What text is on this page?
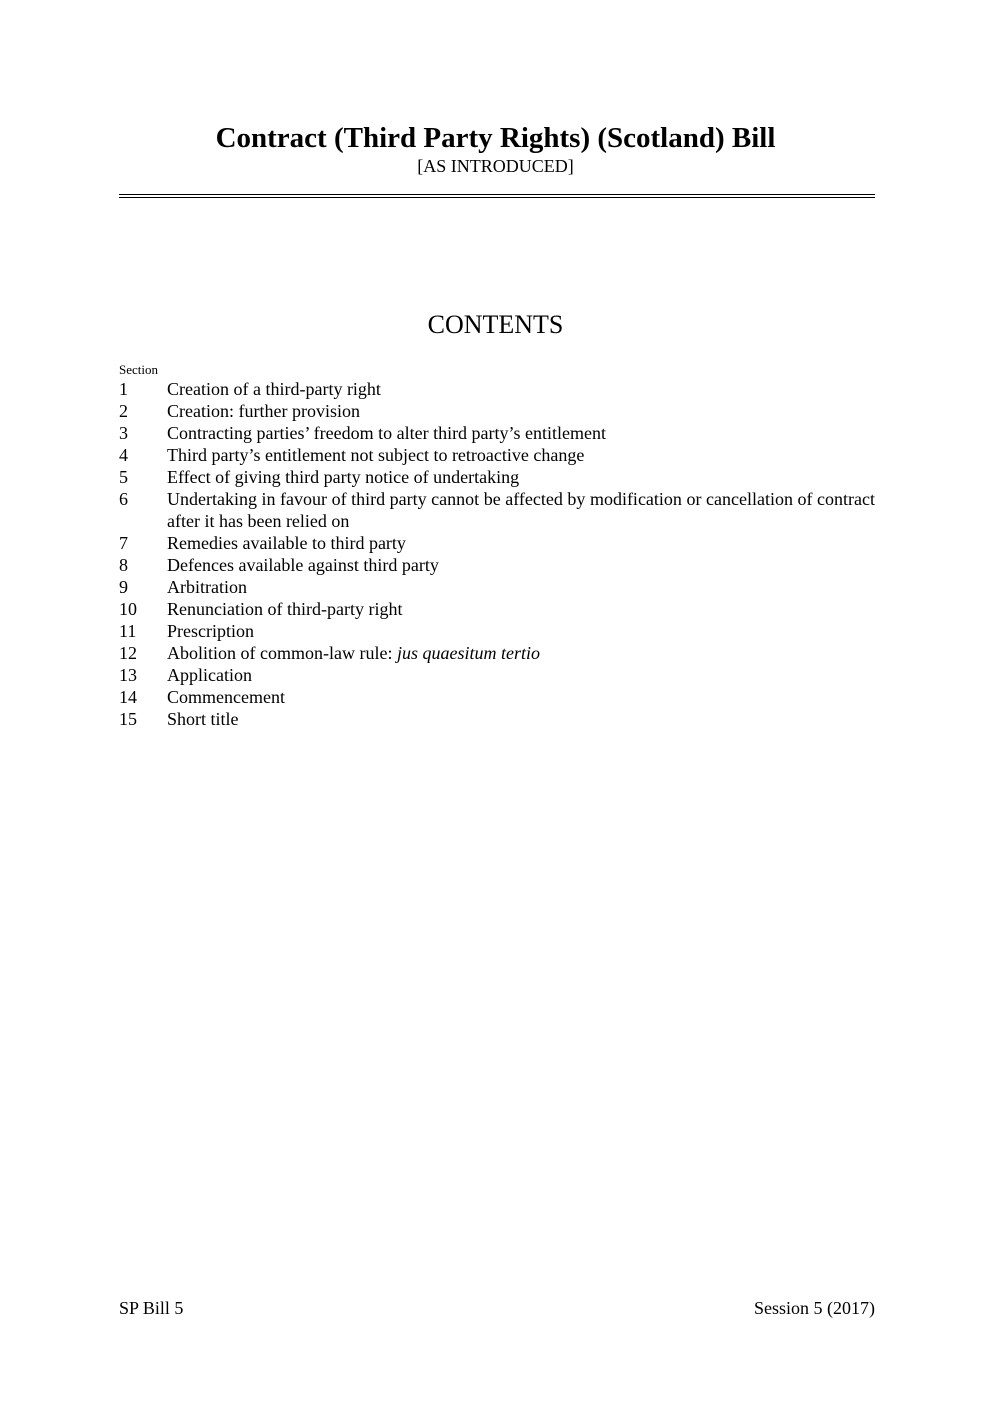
Contract (Third Party Rights) (Scotland) Bill
[AS INTRODUCED]
CONTENTS
Section
1	Creation of a third-party right
2	Creation: further provision
3	Contracting parties’ freedom to alter third party’s entitlement
4	Third party’s entitlement not subject to retroactive change
5	Effect of giving third party notice of undertaking
6	Undertaking in favour of third party cannot be affected by modification or cancellation of contract after it has been relied on
7	Remedies available to third party
8	Defences available against third party
9	Arbitration
10	Renunciation of third-party right
11	Prescription
12	Abolition of common-law rule: jus quaesitum tertio
13	Application
14	Commencement
15	Short title
SP Bill 5	Session 5 (2017)
